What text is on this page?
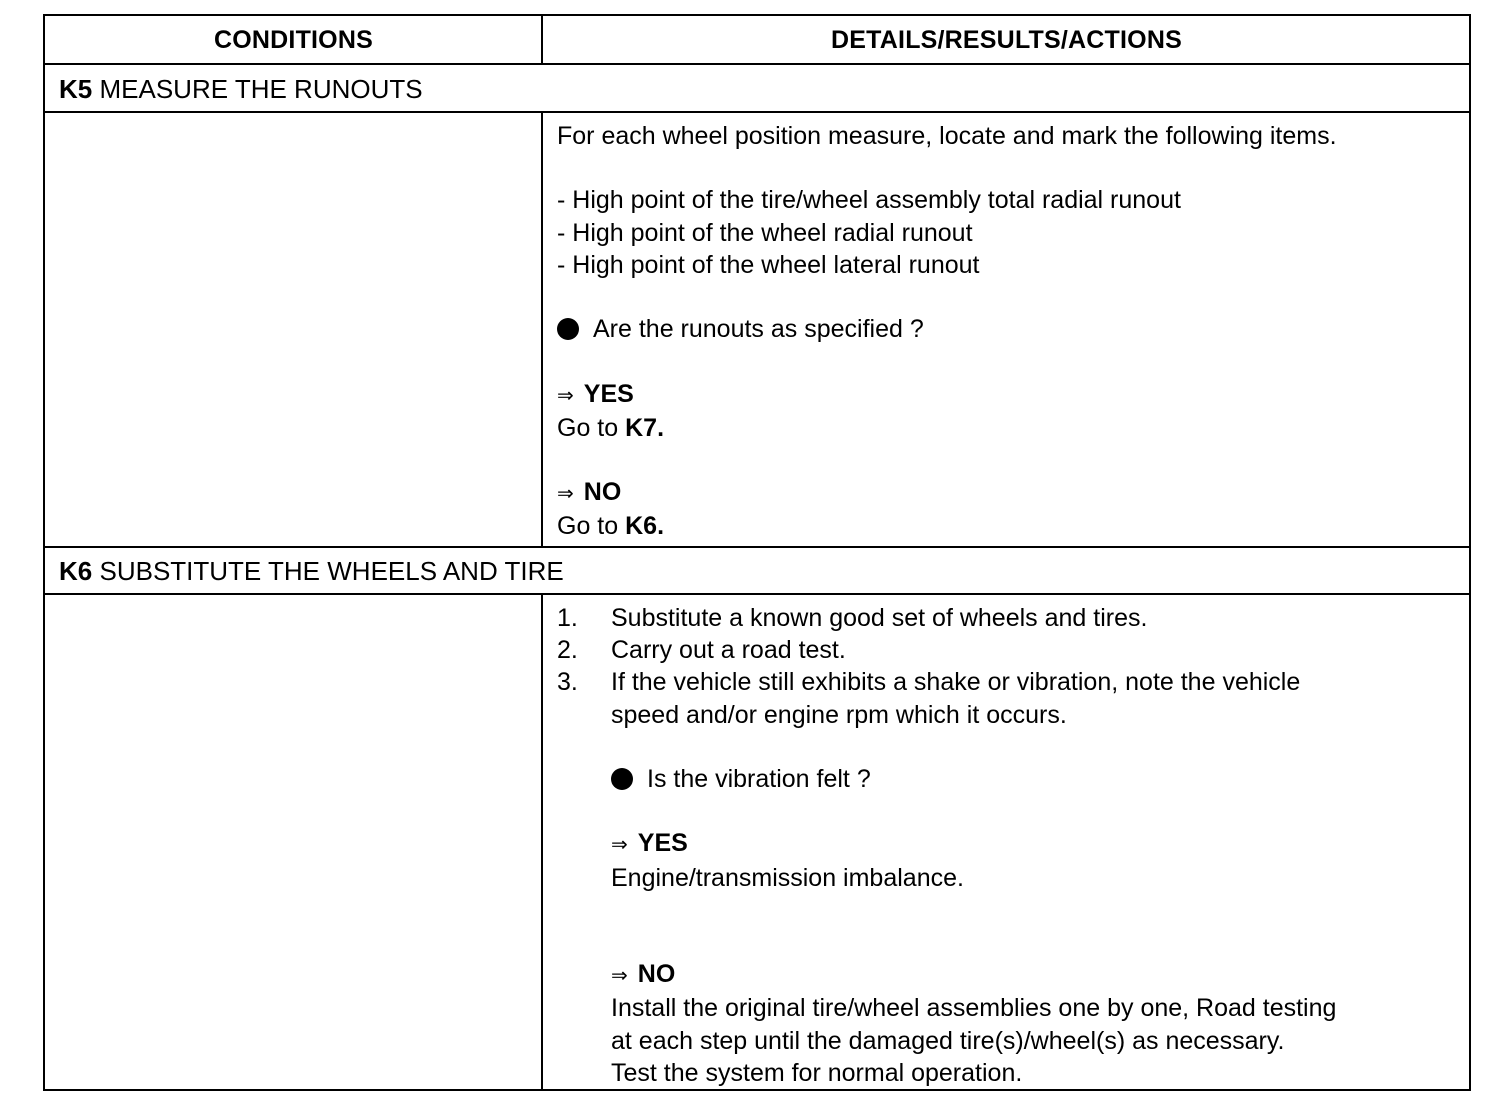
CONDITIONS	DETAILS/RESULTS/ACTIONS
K5 MEASURE THE RUNOUTS
For each wheel position measure, locate and mark the following items.
- High point of the tire/wheel assembly total radial runout
- High point of the wheel radial runout
- High point of the wheel lateral runout
Are the runouts as specified ?
⇒ YES
Go to K7.
⇒ NO
Go to K6.
K6 SUBSTITUTE THE WHEELS AND TIRE
1. Substitute a known good set of wheels and tires.
2. Carry out a road test.
3. If the vehicle still exhibits a shake or vibration, note the vehicle
speed and/or engine rpm which it occurs.
Is the vibration felt ?
⇒ YES
Engine/transmission imbalance.
⇒ NO
Install the original tire/wheel assemblies one by one, Road testing
at each step until the damaged tire(s)/wheel(s) as necessary.
Test the system for normal operation.
